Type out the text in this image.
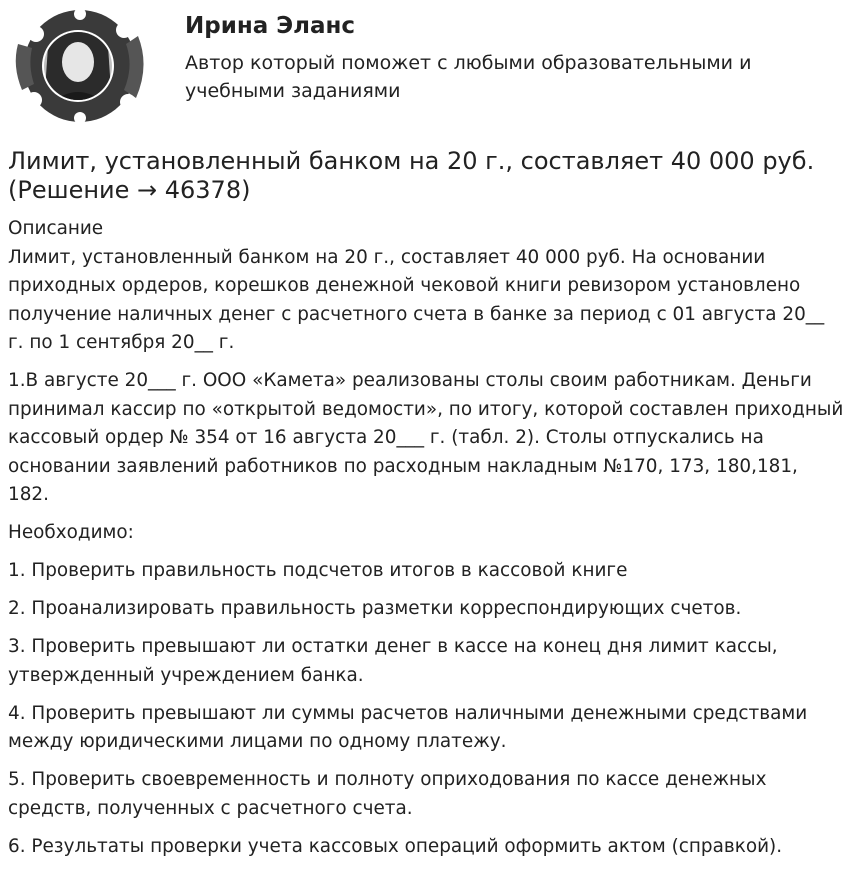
Ирина Эланс

Автор который поможет с любыми образовательными и учебными заданиями

Лимит, установленный банком на 20 г., составляет 40 000 руб. (Решение → 46378)

Описание

Лимит, установленный банком на 20 г., составляет 40 000 руб. На основании приходных ордеров, корешков денежной чековой книги ревизором установлено получение наличных денег с расчетного счета в банке за период с 01 августа 20__ г. по 1 сентября 20__ г.

1.В августе 20___ г. ООО «Камета» реализованы столы своим работникам. Деньги принимал кассир по «открытой ведомости», по итогу, которой составлен приходный кассовый ордер № 354 от 16 августа 20___ г. (табл. 2). Столы отпускались на основании заявлений работников по расходным накладным №170, 173, 180,181, 182.

Необходимо:

1. Проверить правильность подсчетов итогов в кассовой книге

2. Проанализировать правильность разметки корреспондирующих счетов.

3. Проверить превышают ли остатки денег в кассе на конец дня лимит кассы, утвержденный учреждением банка.

4. Проверить превышают ли суммы расчетов наличными денежными средствами между юридическими лицами по одному платежу.

5. Проверить своевременность и полноту оприходования по кассе денежных средств, полученных с расчетного счета.

6. Результаты проверки учета кассовых операций оформить актом (справкой).
